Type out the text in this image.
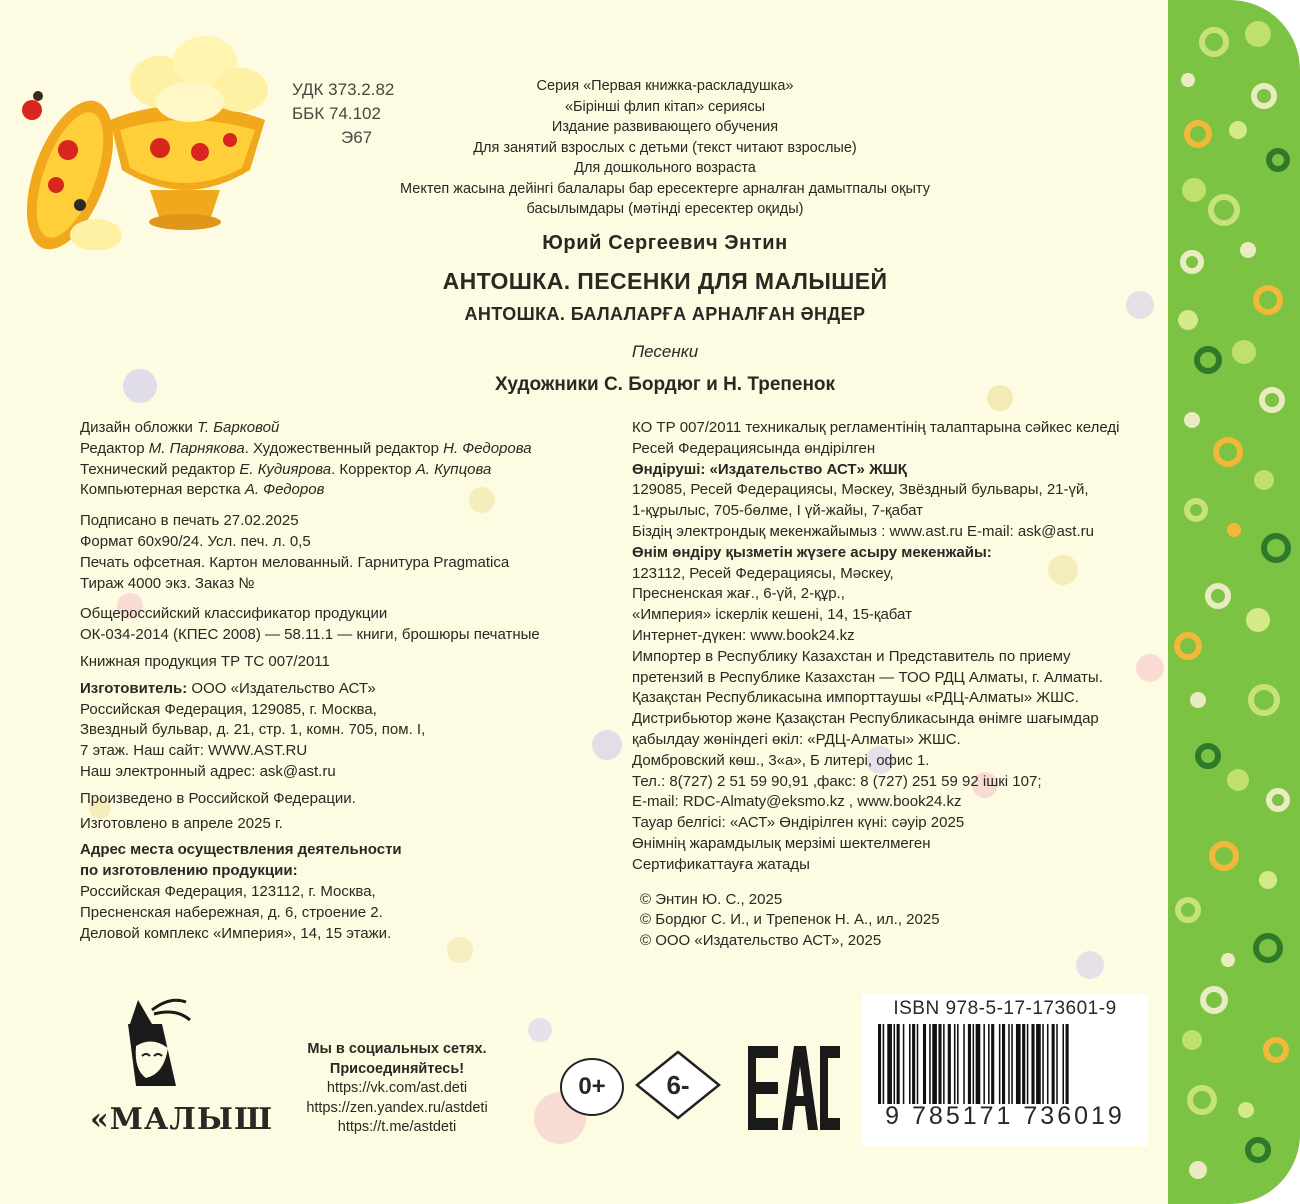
УДК 373.2.82
ББК 74.102
Э67
Серия «Первая книжка-раскладушка»
«Бірінші флип кітап» сериясы
Издание развивающего обучения
Для занятий взрослых с детьми (текст читают взрослые)
Для дошкольного возраста
Мектеп жасына дейінгі балалары бар ересектерге арналған дамытпалы оқыту
басылымдары (мәтінді ересектер оқиды)
Юрий Сергеевич Энтин
АНТОШКА. ПЕСЕНКИ ДЛЯ МАЛЫШЕЙ
АНТОШКА. БАЛАЛАРҒА АРНАЛҒАН ӘНДЕР
Песенки
Художники С. Бордюг и Н. Трепенок

Дизайн обложки Т. Барковой

Редактор М. Парнякова. Художественный редактор Н. Федорова

Технический редактор Е. Кудиярова. Корректор А. Купцова

Компьютерная верстка А. Федоров

Подписано в печать 27.02.2025

Формат 60х90/24. Усл. печ. л. 0,5

Печать офсетная. Картон мелованный. Гарнитура Pragmatica

Тираж 4000 экз. Заказ №

Общероссийский классификатор продукции

ОК-034-2014 (КПЕС 2008) — 58.11.1 — книги, брошюры печатные

Книжная продукция ТР ТС 007/2011

Изготовитель: ООО «Издательство АСТ»

Российская Федерация, 129085, г. Москва,

Звездный бульвар, д. 21, стр. 1, комн. 705, пом. I,

7 этаж. Наш сайт: WWW.AST.RU

Наш электронный адрес: ask@ast.ru

Произведено в Российской Федерации.

Изготовлено в апреле 2025 г.

Адрес места осуществления деятельности

по изготовлению продукции:

Российская Федерация, 123112, г. Москва,

Пресненская набережная, д. 6, строение 2.

Деловой комплекс «Империя», 14, 15 этажи.

КО ТР 007/2011 техникалық регламентінің талаптарына сәйкес келеді

Ресей Федерациясында өндірілген

Өндіруші: «Издательство АСТ» ЖШҚ

129085, Ресей Федерациясы, Мәскеу, Звёздный бульвары, 21-үй,

1-құрылыс, 705-бөлме, I үй-жайы, 7-қабат

Біздің электрондық мекенжайымыз : www.ast.ru E-mail: ask@ast.ru

Өнім өндіру қызметін жүзеге асыру мекенжайы:

123112, Ресей Федерациясы, Мәскеу,

Пресненская жағ., 6-үй, 2-құр.,

«Империя» іскерлік кешені, 14, 15-қабат

Интернет-дүкен: www.book24.kz

Импортер в Республику Казахстан и Представитель по приему

претензий в Республике Казахстан — ТОО РДЦ Алматы, г. Алматы.

Қазақстан Республикасына импорттаушы «РДЦ-Алматы» ЖШС.

Дистрибьютор және Қазақстан Республикасында өнімге шағымдар

қабылдау жөніндегі өкіл: «РДЦ-Алматы» ЖШС.

Домбровский көш., 3«а», Б литері, офис 1.

Тел.: 8(727) 2 51 59 90,91 ,факс: 8 (727) 251 59 92 ішкі 107;

E-mail: RDC-Almaty@eksmo.kz , www.book24.kz

Тауар белгісі: «АСТ» Өндірілген күні: сәуір 2025

Өнімнің жарамдылық мерзімі шектелмеген

Сертификаттауға жатады

© Энтин Ю. С., 2025

© Бордюг С. И., и Трепенок Н. А., ил., 2025

© ООО «Издательство АСТ», 2025

«МАЛЫШ
Мы в социальных сетях.
Присоединяйтесь!
https://vk.com/ast.deti
https://zen.yandex.ru/astdeti
https://t.me/astdeti
0+	6-
ISBN 978-5-17-173601-9
9 785171 736019
